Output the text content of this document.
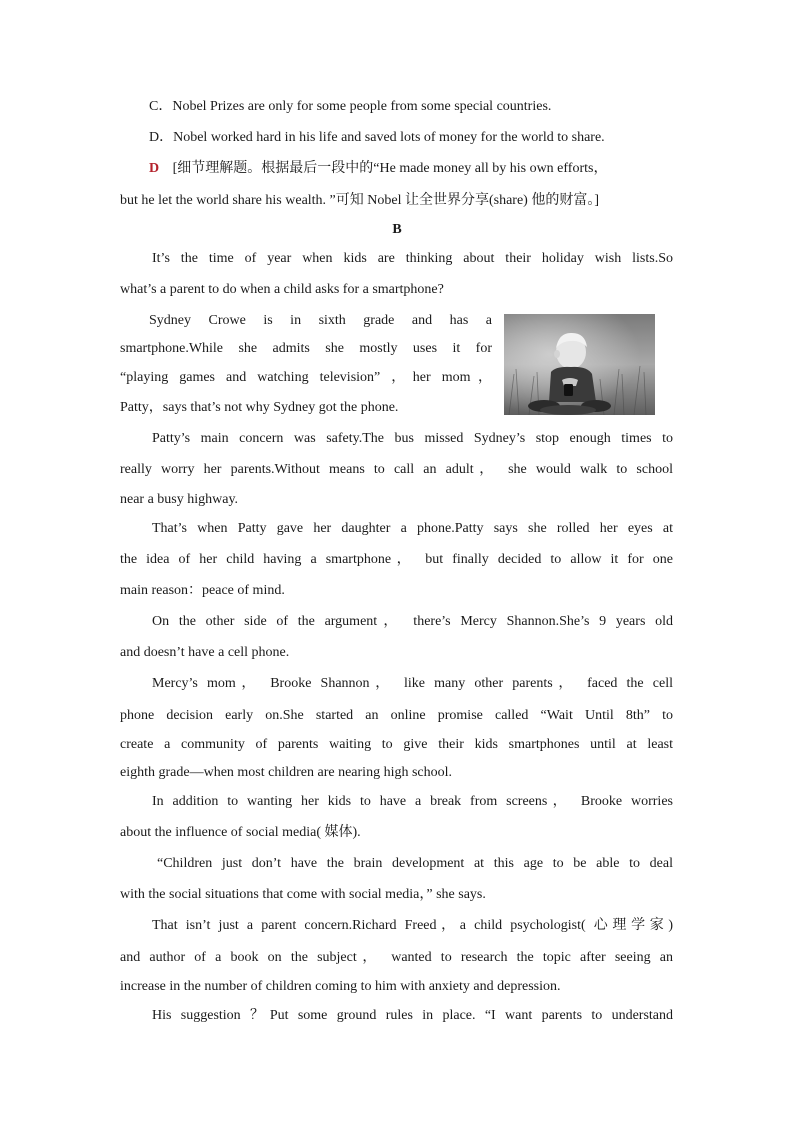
C．Nobel Prizes are only for some people from some special countries.
D．Nobel worked hard in his life and saved lots of money for the world to share.
D [细节理解题。根据最后一段中的“He made money all by his own efforts，
but he let the world share his wealth. ”可知 Nobel 让全世界分享(share) 他的财富。]
B
It’s the time of year when kids are thinking about their holiday wish lists.So
what’s a parent to do when a child asks for a smartphone?
Sydney Crowe is in sixth grade and has a
smartphone.While she admits she mostly uses it for
“playing games and watching television” ，her mom，
Patty，says that’s not why Sydney got the phone.
Patty’s main concern was safety.The bus missed Sydney’s stop enough times to
really worry her parents.Without means to call an adult， she would walk to school
near a busy highway.
That’s when Patty gave her daughter a phone.Patty says she rolled her eyes at
the idea of her child having a smartphone， but finally decided to allow it for one
main reason：peace of mind.
On the other side of the argument， there’s Mercy Shannon.She’s 9 years old
and doesn’t have a cell phone.
Mercy’s mom， Brooke Shannon， like many other parents， faced the cell
phone decision early on.She started an online promise called “Wait Until 8th” to
create a community of parents waiting to give their kids smartphones until at least
eighth grade—when most children are nearing high school.
In addition to wanting her kids to have a break from screens， Brooke worries
about the influence of social media( 媒体).
“Children just don’t have the brain development at this age to be able to deal
with the social situations that come with social media，” she says.
That isn’t just a parent concern.Richard Freed，a child psychologist( 心理学家)
and author of a book on the subject， wanted to research the topic after seeing an
increase in the number of children coming to him with anxiety and depression.
His suggestion ？Put some ground rules in place. “I want parents to understand
